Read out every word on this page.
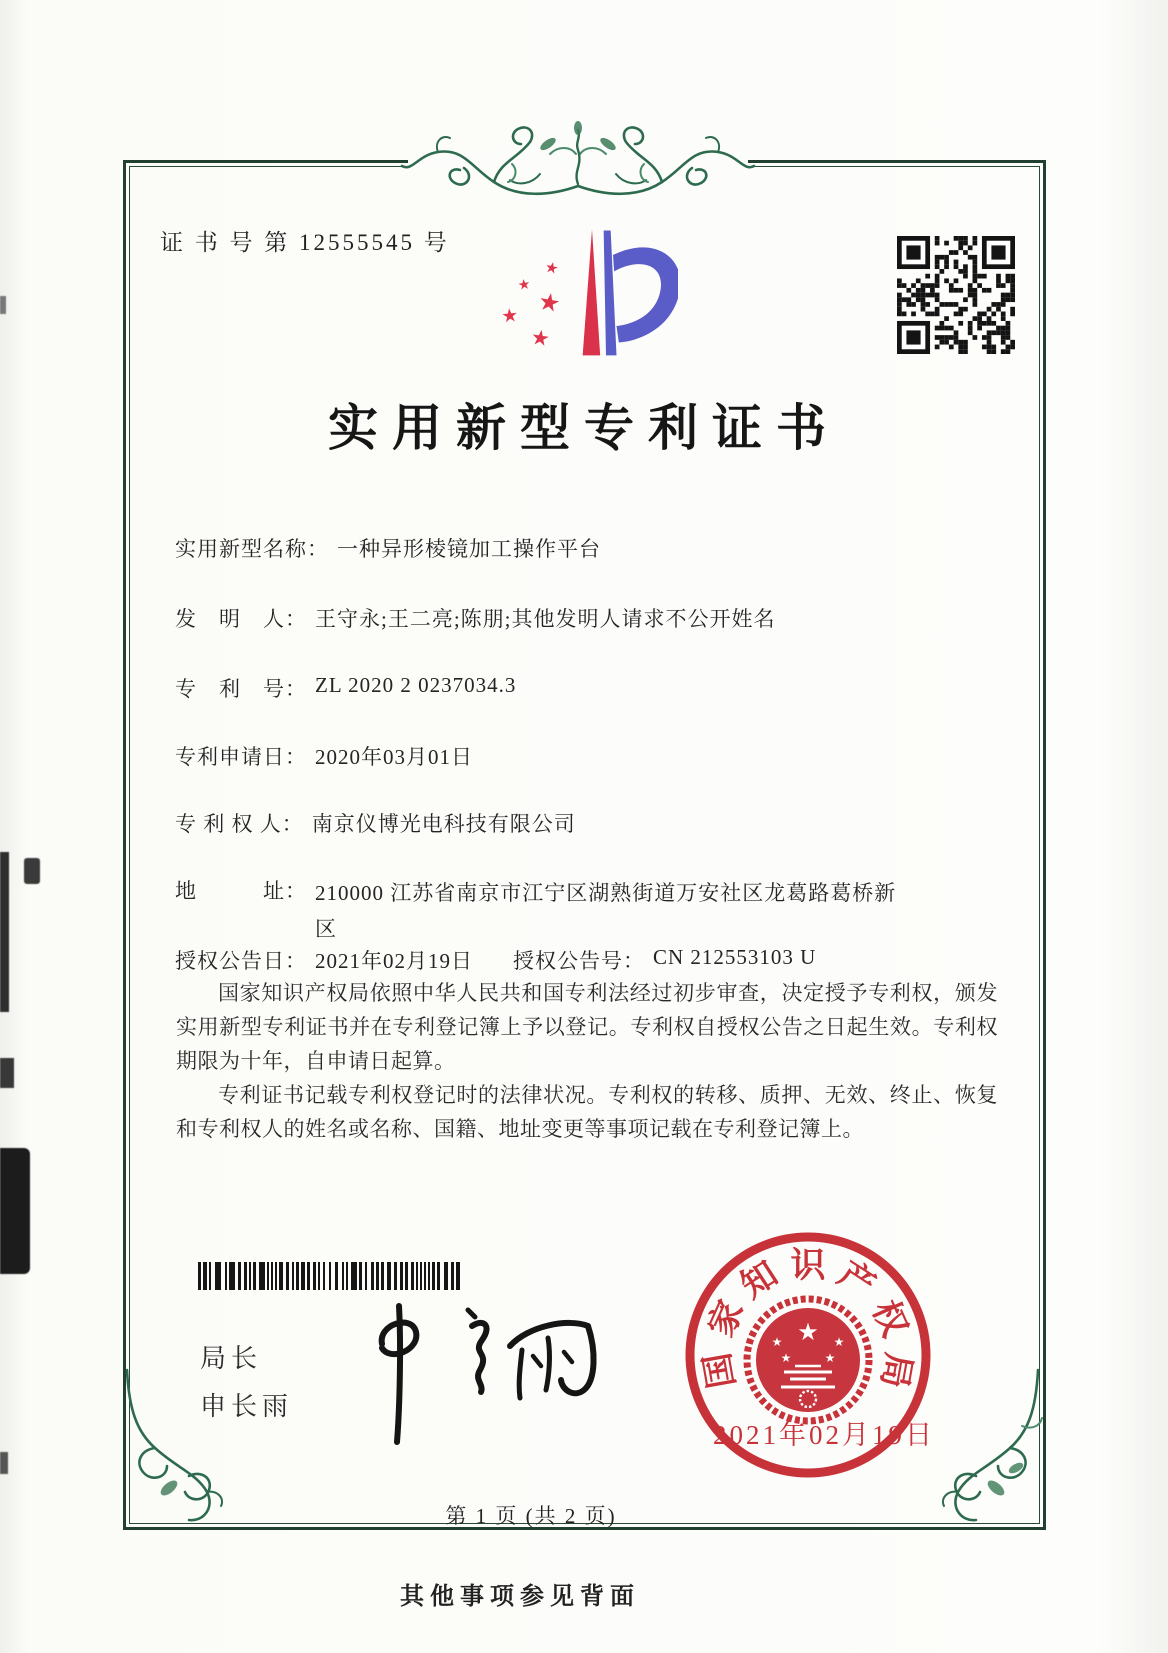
证 书 号 第 12555545 号
★
★
★
★
★
实用新型专利证书
实用新型名称： 一种异形棱镜加工操作平台
发　明　人： 王守永;王二亮;陈朋;其他发明人请求不公开姓名
专　利　号： ZL 2020 2 0237034.3
专利申请日： 2020年03月01日
专 利 权 人： 南京仪博光电科技有限公司
地　　　址： 210000 江苏省南京市江宁区湖熟街道万安社区龙葛路葛桥新区
授权公告日： 2021年02月19日 授权公告号： CN 212553103 U

国家知识产权局依照中华人民共和国专利法经过初步审查，决定授予专利权，颁发实用新型专利证书并在专利登记簿上予以登记。专利权自授权公告之日起生效。专利权期限为十年，自申请日起算。

专利证书记载专利权登记时的法律状况。专利权的转移、质押、无效、终止、恢复和专利权人的姓名或名称、国籍、地址变更等事项记载在专利登记簿上。

局长
申长雨
国
家
知 识 产
权
局
★
★	★
★	★
2021年02月19日
第 1 页 (共 2 页)
其他事项参见背面
